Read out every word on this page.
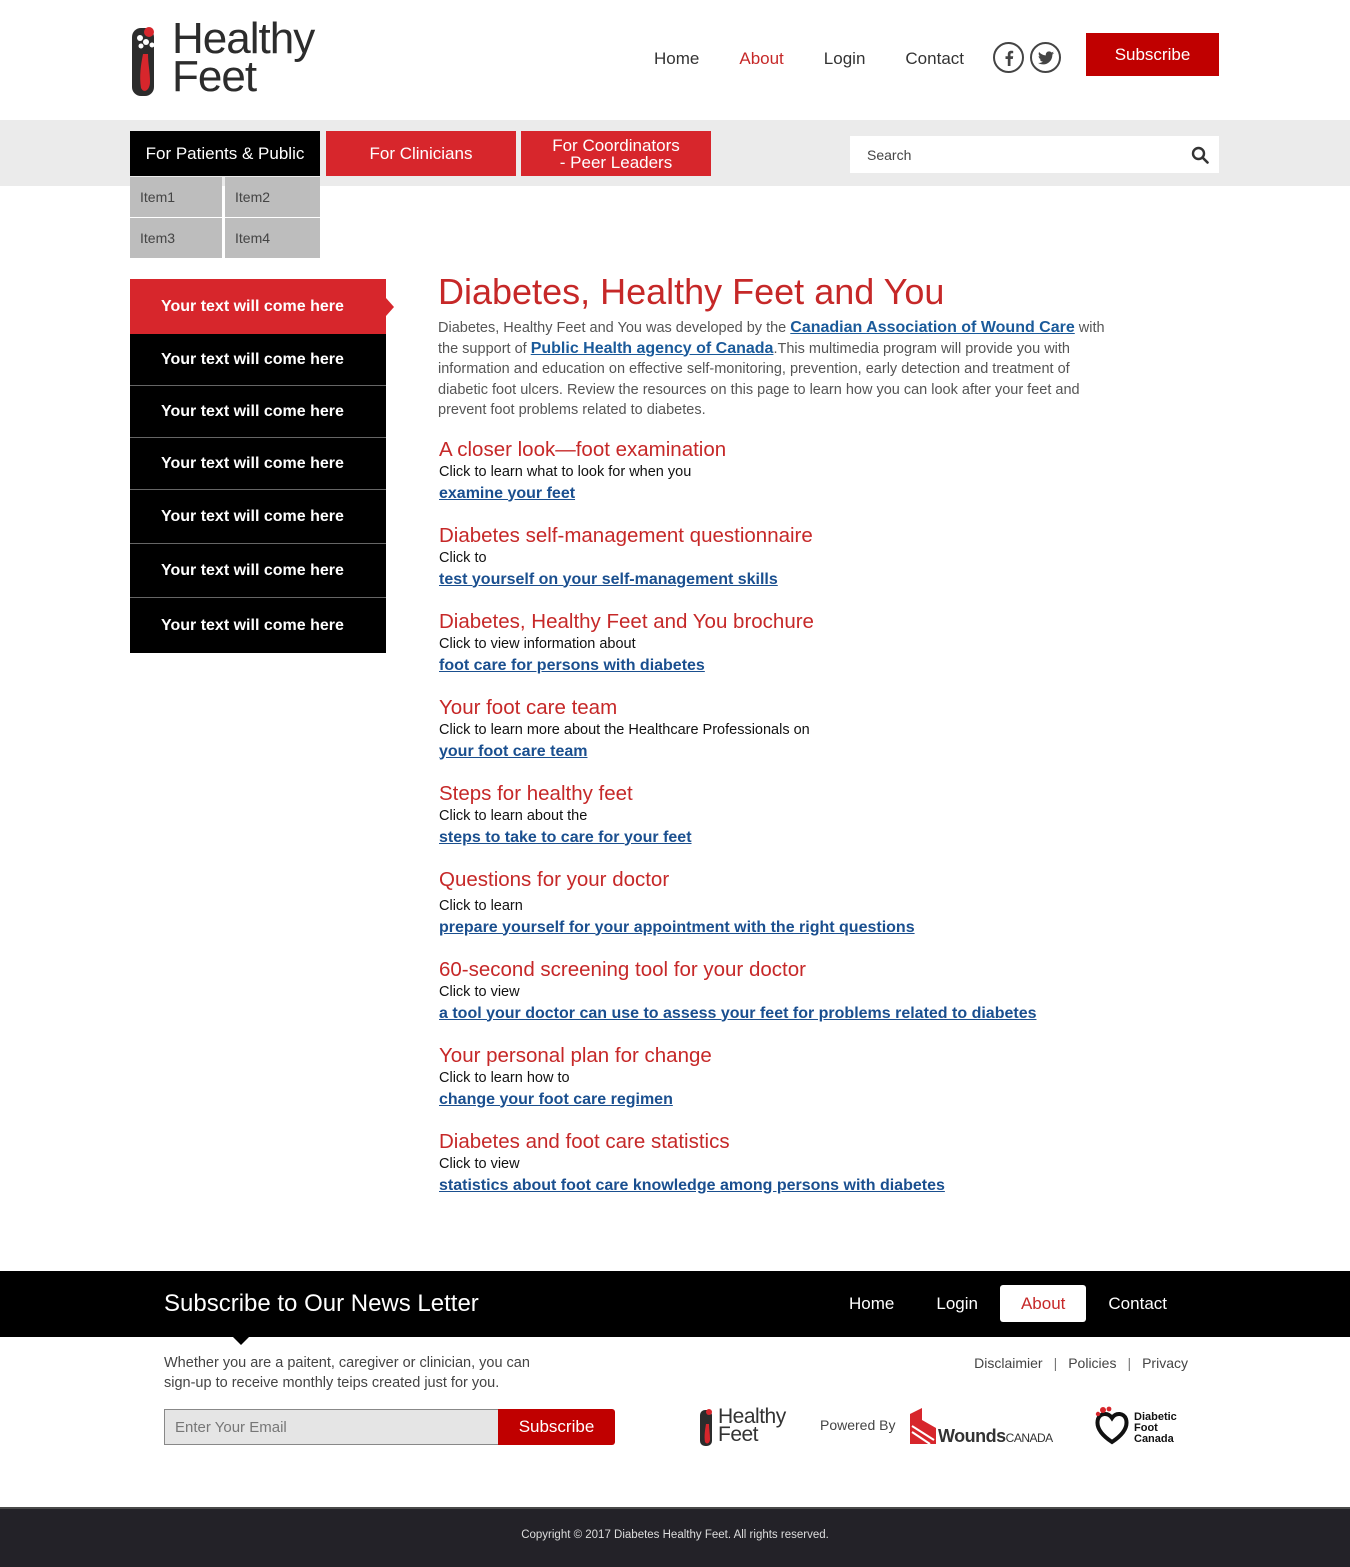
Healthy
Feet	Home About Login Contact	Subscribe
For Patients & Public	For Clinicians	For Coordinators
- Peer Leaders
Search
Item1	Item2
Item3	Item4
Your text will come here
Your text will come here
Your text will come here
Your text will come here
Your text will come here
Your text will come here
Your text will come here
Diabetes, Healthy Feet and You

Diabetes, Healthy Feet and You was developed by the Canadian Association of Wound Care with the support of Public Health agency of Canada.This multimedia program will provide you with information and education on effective self-monitoring, prevention, early detection and treatment of diabetic foot ulcers. Review the resources on this page to learn how you can look after your feet and prevent foot problems related to diabetes.

A closer look—foot examination
Click to learn what to look for when you
examine your feet
Diabetes self-management questionnaire
Click to
test yourself on your self-management skills
Diabetes, Healthy Feet and You brochure
Click to view information about
foot care for persons with diabetes
Your foot care team
Click to learn more about the Healthcare Professionals on
your foot care team
Steps for healthy feet
Click to learn about the
steps to take to care for your feet
Questions for your doctor
Click to learn
prepare yourself for your appointment with the right questions
60-second screening tool for your doctor
Click to view
a tool your doctor can use to assess your feet for problems related to diabetes
Your personal plan for change
Click to learn how to
change your foot care regimen
Diabetes and foot care statistics
Click to view
statistics about foot care knowledge among persons with diabetes
Subscribe to Our News Letter	Home	Login	About	Contact

Whether you are a paitent, caregiver or clinician, you can sign-up to receive monthly teips created just for you.

Enter Your Email
Subscribe
Disclaimier | Policies | Privacy
Healthy
Feet	Powered By
WoundsCANADA
Diabetic
Foot
Canada
Copyright © 2017 Diabetes Healthy Feet. All rights reserved.
